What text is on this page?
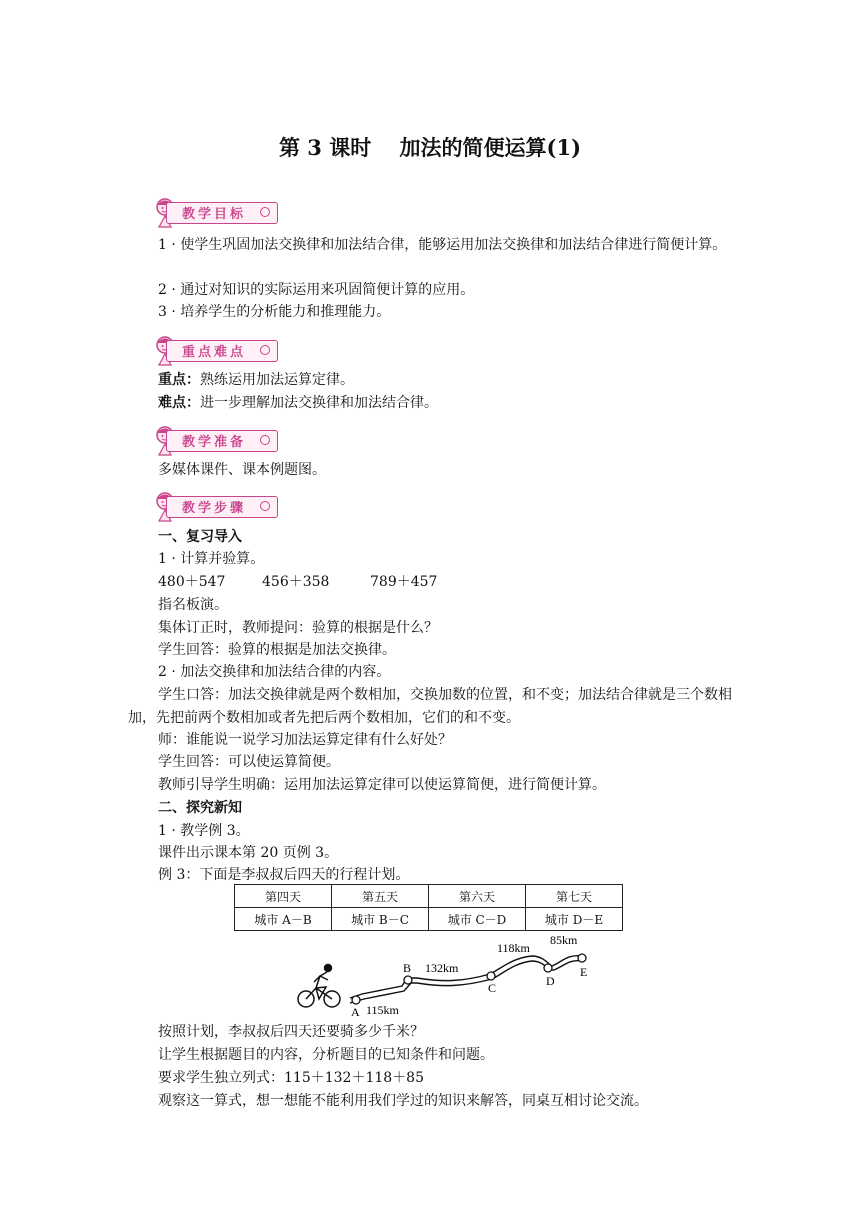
第 3 课时　 加法的简便运算(1)
教学目标
1 · 使学生巩固加法交换律和加法结合律，能够运用加法交换律和加法结合律进行简便计算。
2 · 通过对知识的实际运用来巩固简便计算的应用。
3 · 培养学生的分析能力和推理能力。
重点难点
重点：熟练运用加法运算定律。
难点：进一步理解加法交换律和加法结合律。
教学准备
多媒体课件、课本例题图。
教学步骤
一、复习导入
1 · 计算并验算。
480＋547	456＋358	789＋457
指名板演。
集体订正时，教师提问：验算的根据是什么？
学生回答：验算的根据是加法交换律。
2 · 加法交换律和加法结合律的内容。
学生口答：加法交换律就是两个数相加，交换加数的位置，和不变；加法结合律就是三个数相加，先把前两个数相加或者先把后两个数相加，它们的和不变。
师：谁能说一说学习加法运算定律有什么好处？
学生回答：可以使运算简便。
教师引导学生明确：运用加法运算定律可以使运算简便，进行简便计算。
二、探究新知
1 · 教学例 3。
课件出示课本第 20 页例 3。
例 3：下面是李叔叔后四天的行程计划。
第四天	第五天	第六天	第七天
城市 A－B	城市 B－C	城市 C－D	城市 D－E
A
B
C	D
E
115km
132km
118km
85km
按照计划，李叔叔后四天还要骑多少千米？
让学生根据题目的内容，分析题目的已知条件和问题。
要求学生独立列式：115＋132＋118＋85
观察这一算式，想一想能不能利用我们学过的知识来解答，同桌互相讨论交流。
